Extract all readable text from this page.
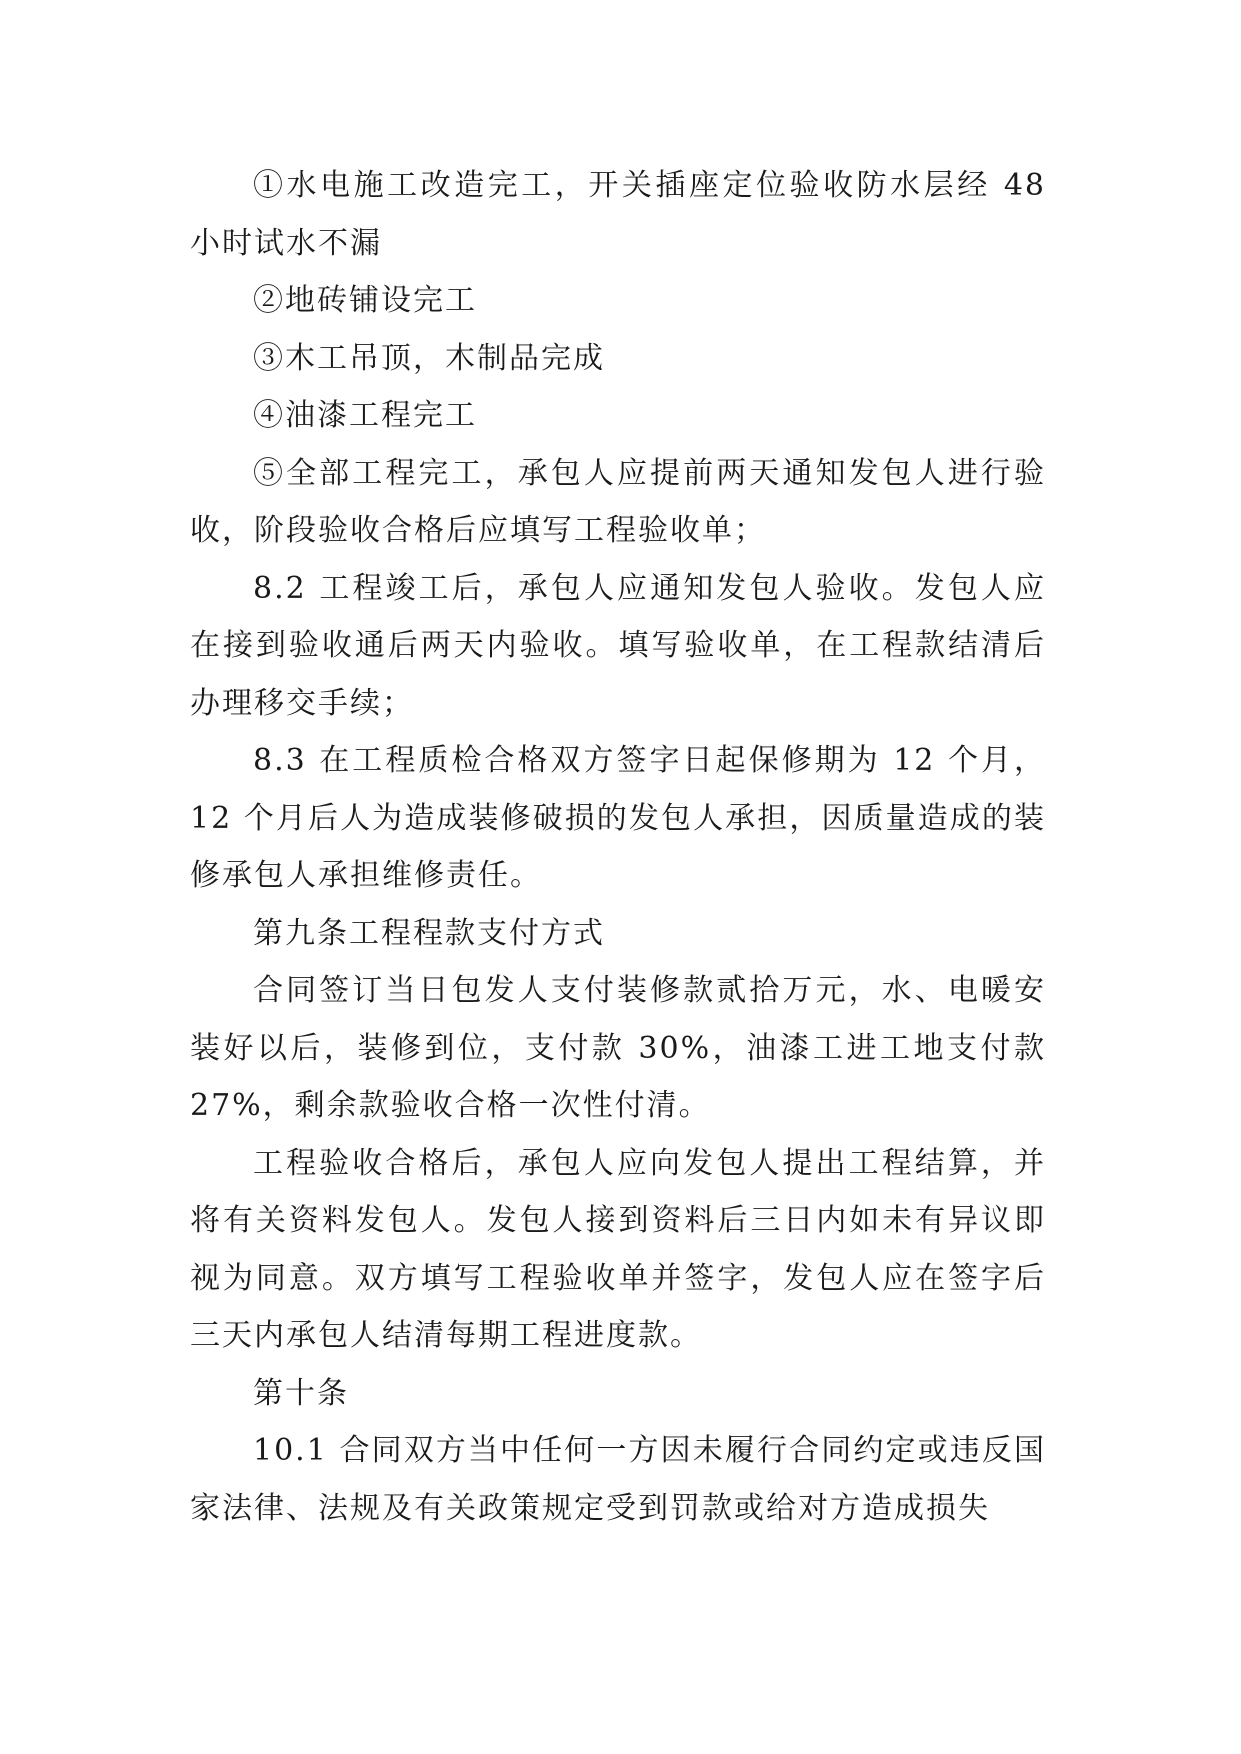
①水电施工改造完工，开关插座定位验收防水层经 48 小时试水不漏

②地砖铺设完工

③木工吊顶，木制品完成

④油漆工程完工

⑤全部工程完工，承包人应提前两天通知发包人进行验收，阶段验收合格后应填写工程验收单；

8.2 工程竣工后，承包人应通知发包人验收。发包人应在接到验收通后两天内验收。填写验收单，在工程款结清后办理移交手续；

8.3 在工程质检合格双方签字日起保修期为 12 个月，12 个月后人为造成装修破损的发包人承担，因质量造成的装修承包人承担维修责任。

第九条工程程款支付方式

合同签订当日包发人支付装修款贰拾万元，水、电暖安装好以后，装修到位，支付款 30%，油漆工进工地支付款 27%，剩余款验收合格一次性付清。

工程验收合格后，承包人应向发包人提出工程结算，并将有关资料发包人。发包人接到资料后三日内如未有异议即视为同意。双方填写工程验收单并签字，发包人应在签字后三天内承包人结清每期工程进度款。

第十条

10.1 合同双方当中任何一方因未履行合同约定或违反国家法律、法规及有关政策规定受到罚款或给对方造成损失
